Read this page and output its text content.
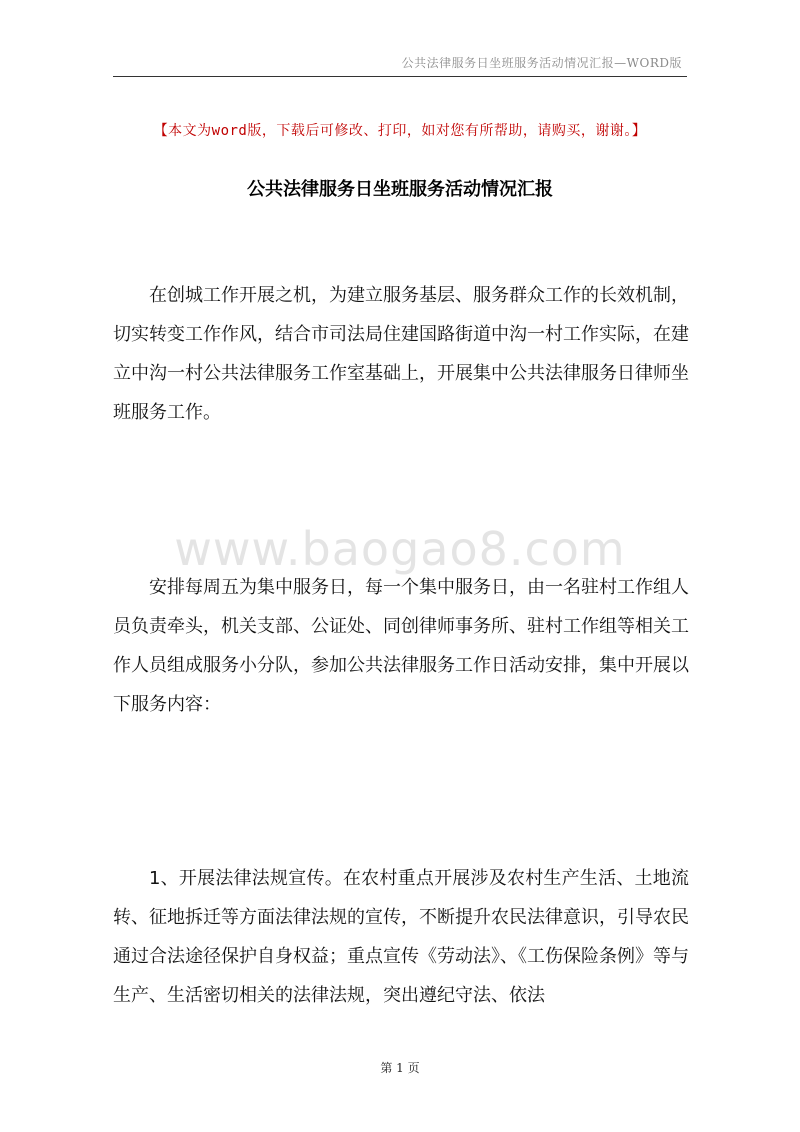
公共法律服务日坐班服务活动情况汇报—WORD版
【本文为word版，下载后可修改、打印，如对您有所帮助，请购买，谢谢。】
公共法律服务日坐班服务活动情况汇报
在创城工作开展之机，为建立服务基层、服务群众工作的长效机制，切实转变工作作风，结合市司法局住建国路街道中沟一村工作实际，在建立中沟一村公共法律服务工作室基础上，开展集中公共法律服务日律师坐班服务工作。
www.baogao8.com
安排每周五为集中服务日，每一个集中服务日，由一名驻村工作组人员负责牵头，机关支部、公证处、同创律师事务所、驻村工作组等相关工作人员组成服务小分队，参加公共法律服务工作日活动安排，集中开展以下服务内容：
1、开展法律法规宣传。在农村重点开展涉及农村生产生活、土地流转、征地拆迁等方面法律法规的宣传，不断提升农民法律意识，引导农民通过合法途径保护自身权益；重点宣传《劳动法》、《工伤保险条例》等与生产、生活密切相关的法律法规，突出遵纪守法、依法
第 1 页
